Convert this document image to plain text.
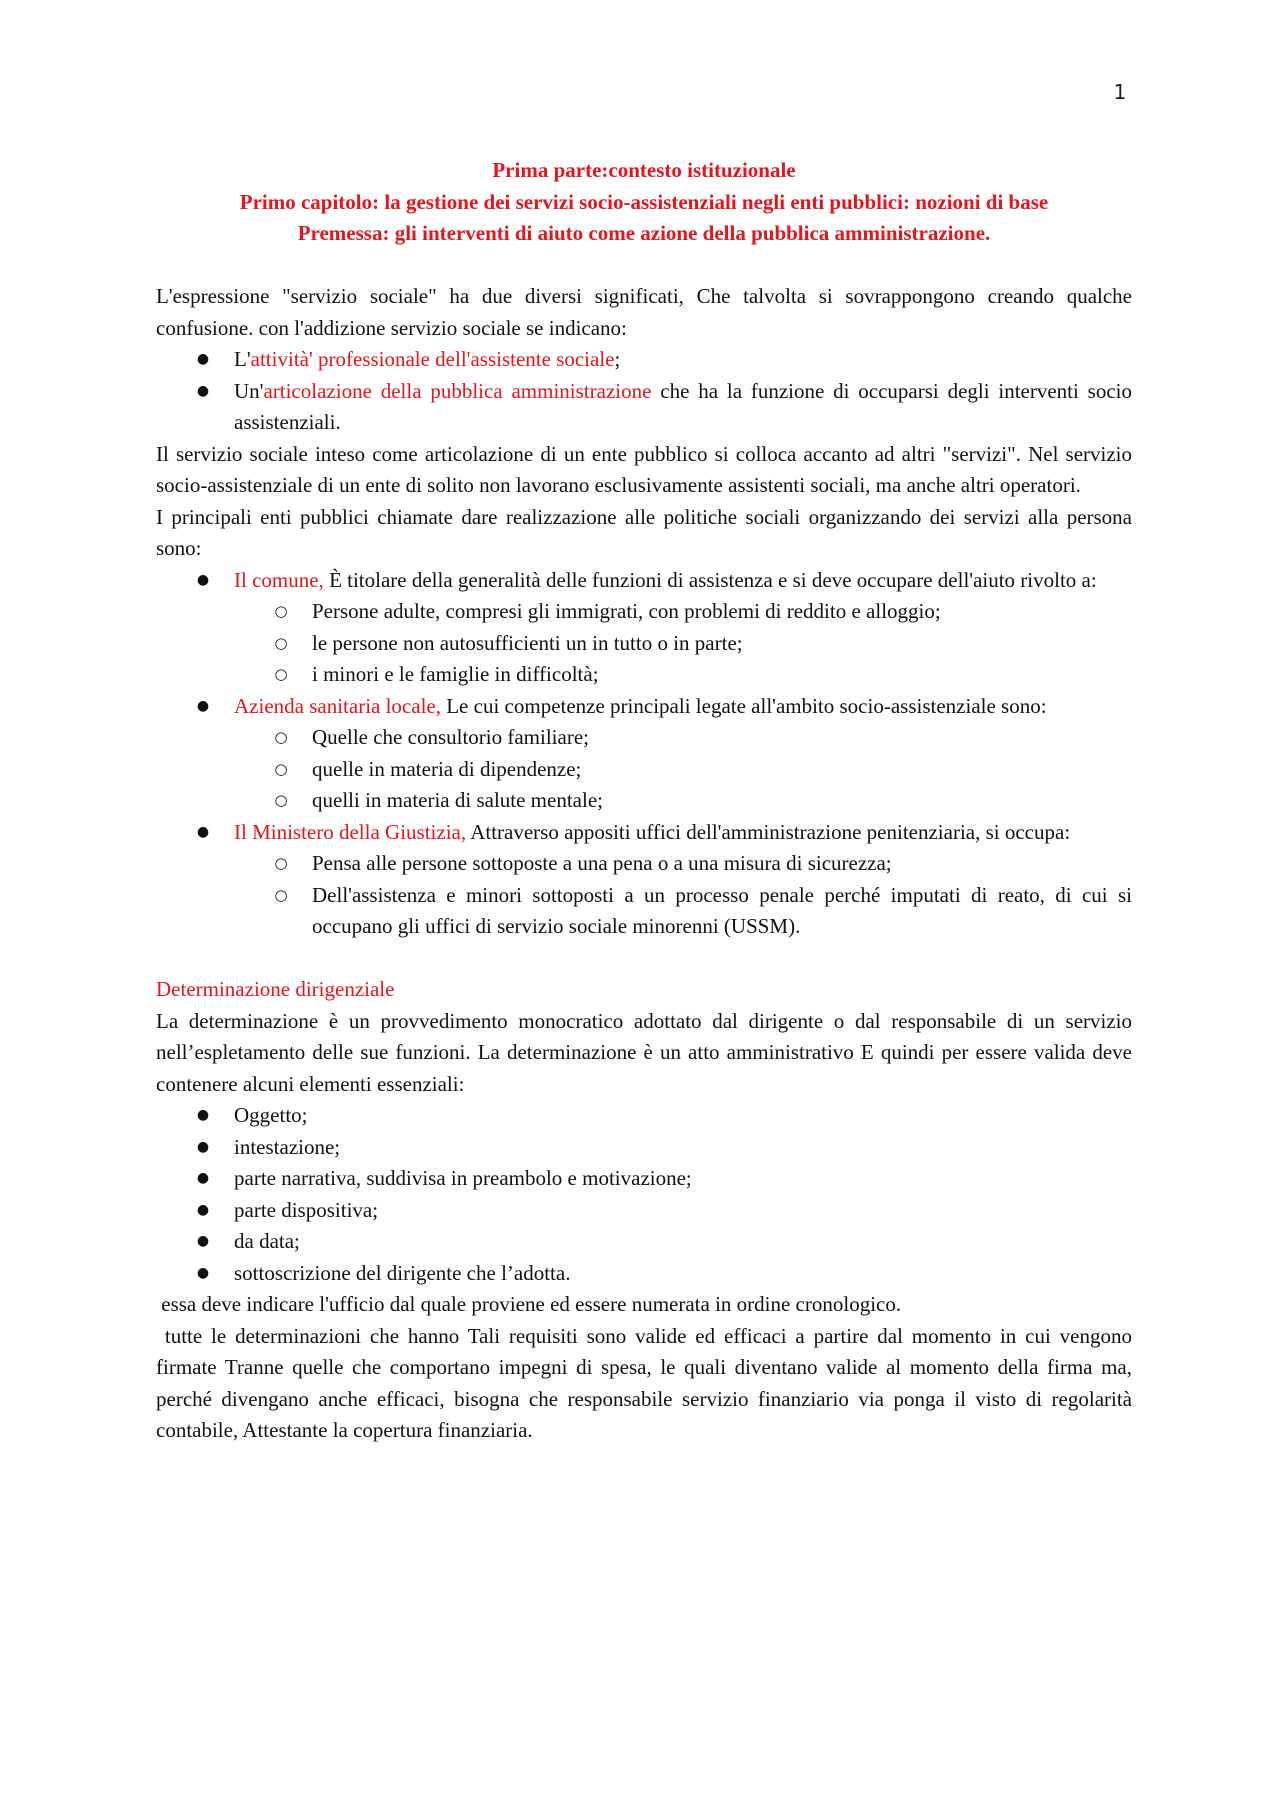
1

Prima parte:contesto istituzionale

Primo capitolo: la gestione dei servizi socio-assistenziali negli enti pubblici: nozioni di base

Premessa: gli interventi di aiuto come azione della pubblica amministrazione.

L'espressione "servizio sociale" ha due diversi significati, Che talvolta si sovrappongono creando qualche confusione. con l'addizione servizio sociale se indicano:

● L'attività' professionale dell'assistente sociale;
● Un'articolazione della pubblica amministrazione che ha la funzione di occuparsi degli interventi socio assistenziali.

Il servizio sociale inteso come articolazione di un ente pubblico si colloca accanto ad altri "servizi". Nel servizio socio-assistenziale di un ente di solito non lavorano esclusivamente assistenti sociali, ma anche altri operatori.

I principali enti pubblici chiamate dare realizzazione alle politiche sociali organizzando dei servizi alla persona sono:

● Il comune, È titolare della generalità delle funzioni di assistenza e si deve occupare dell'aiuto rivolto a:
○ Persone adulte, compresi gli immigrati, con problemi di reddito e alloggio;
○ le persone non autosufficienti un in tutto o in parte;
○ i minori e le famiglie in difficoltà;
● Azienda sanitaria locale, Le cui competenze principali legate all'ambito socio-assistenziale sono:
○ Quelle che consultorio familiare;
○ quelle in materia di dipendenze;
○ quelli in materia di salute mentale;
● Il Ministero della Giustizia, Attraverso appositi uffici dell'amministrazione penitenziaria, si occupa:
○ Pensa alle persone sottoposte a una pena o a una misura di sicurezza;
○ Dell'assistenza e minori sottoposti a un processo penale perché imputati di reato, di cui si occupano gli uffici di servizio sociale minorenni (USSM).

Determinazione dirigenziale

La determinazione è un provvedimento monocratico adottato dal dirigente o dal responsabile di un servizio nell’espletamento delle sue funzioni. La determinazione è un atto amministrativo E quindi per essere valida deve contenere alcuni elementi essenziali:

● Oggetto;
● intestazione;
● parte narrativa, suddivisa in preambolo e motivazione;
● parte dispositiva;
● da data;
● sottoscrizione del dirigente che l’adotta.

essa deve indicare l'ufficio dal quale proviene ed essere numerata in ordine cronologico.

tutte le determinazioni che hanno Tali requisiti sono valide ed efficaci a partire dal momento in cui vengono firmate Tranne quelle che comportano impegni di spesa, le quali diventano valide al momento della firma ma, perché divengano anche efficaci, bisogna che responsabile servizio finanziario via ponga il visto di regolarità  contabile, Attestante la copertura finanziaria.
